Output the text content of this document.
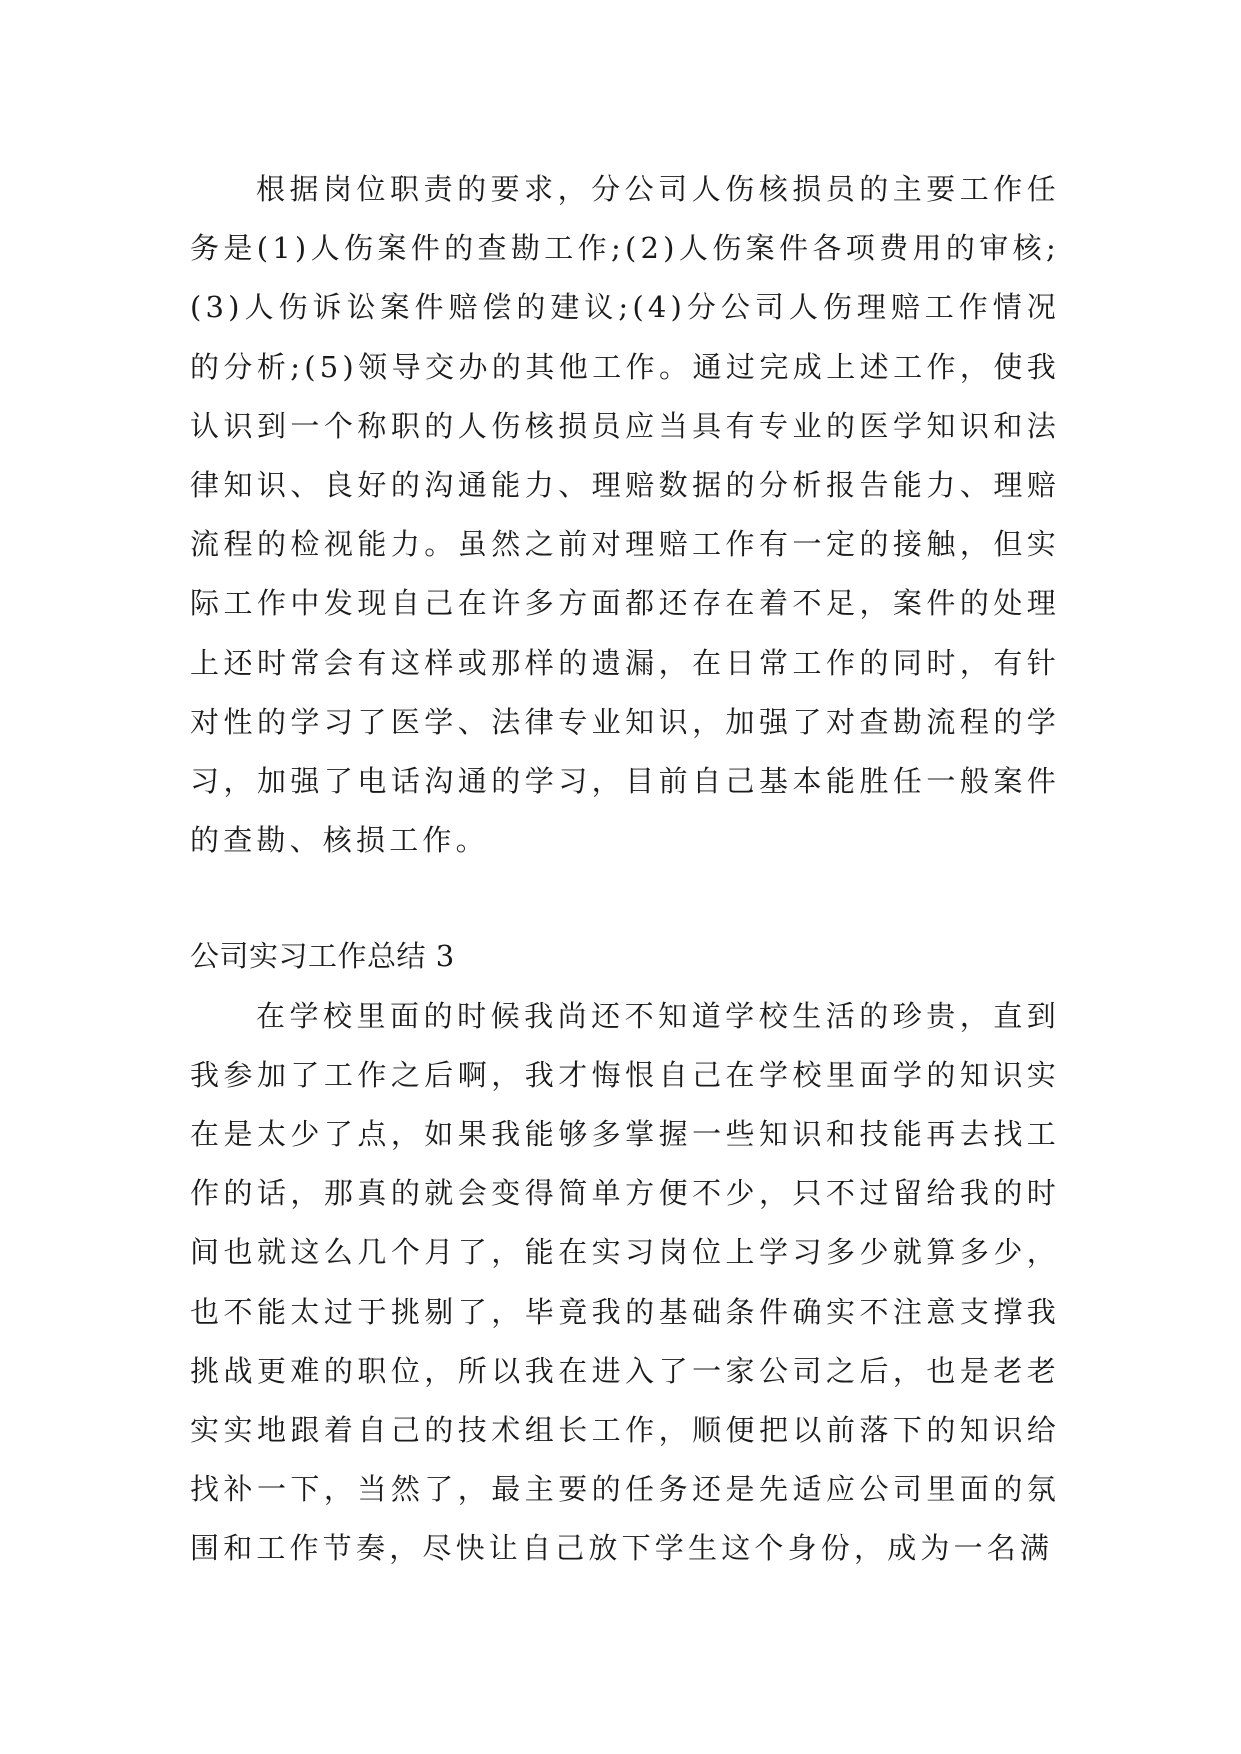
根据岗位职责的要求，分公司人伤核损员的主要工作任务是(1)人伤案件的查勘工作;(2)人伤案件各项费用的审核;(3)人伤诉讼案件赔偿的建议;(4)分公司人伤理赔工作情况的分析;(5)领导交办的其他工作。通过完成上述工作，使我认识到一个称职的人伤核损员应当具有专业的医学知识和法律知识、良好的沟通能力、理赔数据的分析报告能力、理赔流程的检视能力。虽然之前对理赔工作有一定的接触，但实际工作中发现自己在许多方面都还存在着不足，案件的处理上还时常会有这样或那样的遗漏，在日常工作的同时，有针对性的学习了医学、法律专业知识，加强了对查勘流程的学习，加强了电话沟通的学习，目前自己基本能胜任一般案件的查勘、核损工作。

公司实习工作总结 3

在学校里面的时候我尚还不知道学校生活的珍贵，直到我参加了工作之后啊，我才悔恨自己在学校里面学的知识实在是太少了点，如果我能够多掌握一些知识和技能再去找工作的话，那真的就会变得简单方便不少，只不过留给我的时间也就这么几个月了，能在实习岗位上学习多少就算多少，也不能太过于挑剔了，毕竟我的基础条件确实不注意支撑我挑战更难的职位，所以我在进入了一家公司之后，也是老老实实地跟着自己的技术组长工作，顺便把以前落下的知识给找补一下，当然了，最主要的任务还是先适应公司里面的氛围和工作节奏，尽快让自己放下学生这个身份，成为一名满
